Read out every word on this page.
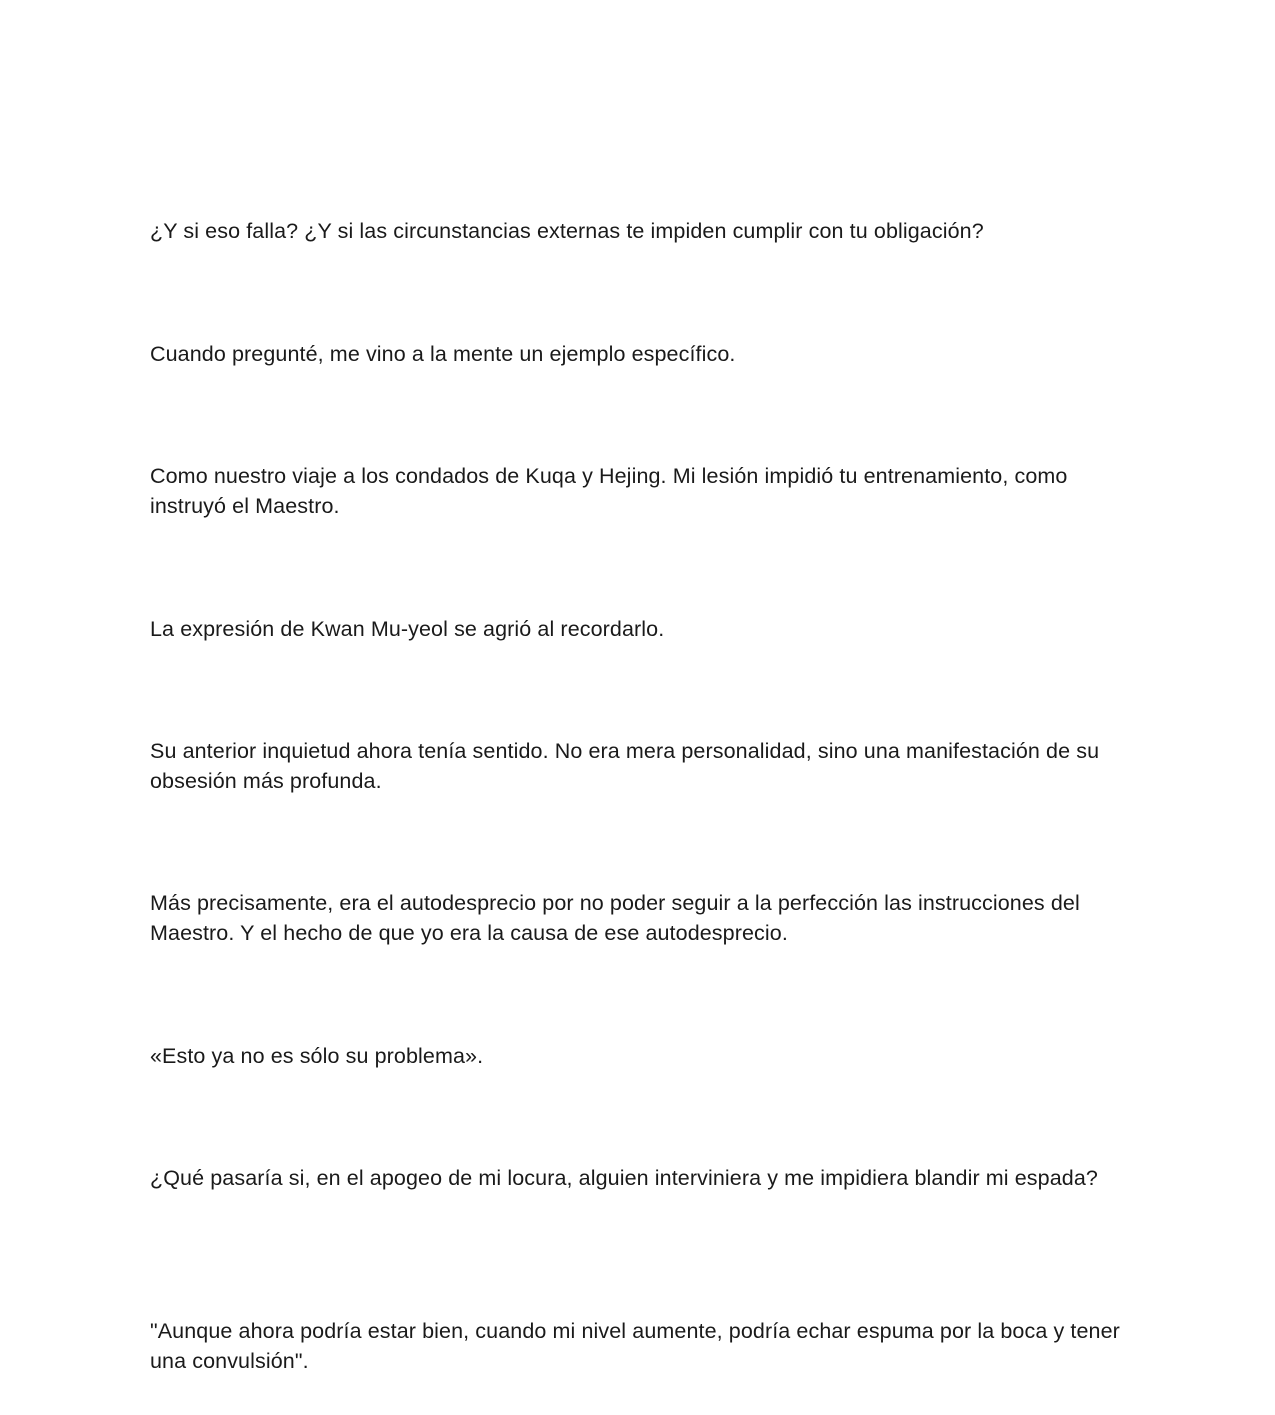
¿Y si eso falla? ¿Y si las circunstancias externas te impiden cumplir con tu obligación?

Cuando pregunté, me vino a la mente un ejemplo específico.

Como nuestro viaje a los condados de Kuqa y Hejing. Mi lesión impidió tu entrenamiento, como instruyó el Maestro.

La expresión de Kwan Mu-yeol se agrió al recordarlo.

Su anterior inquietud ahora tenía sentido. No era mera personalidad, sino una manifestación de su obsesión más profunda.

Más precisamente, era el autodesprecio por no poder seguir a la perfección las instrucciones del Maestro. Y el hecho de que yo era la causa de ese autodesprecio.

«Esto ya no es sólo su problema».

¿Qué pasaría si, en el apogeo de mi locura, alguien interviniera y me impidiera blandir mi espada?

"Aunque ahora podría estar bien, cuando mi nivel aumente, podría echar espuma por la boca y tener una convulsión".
